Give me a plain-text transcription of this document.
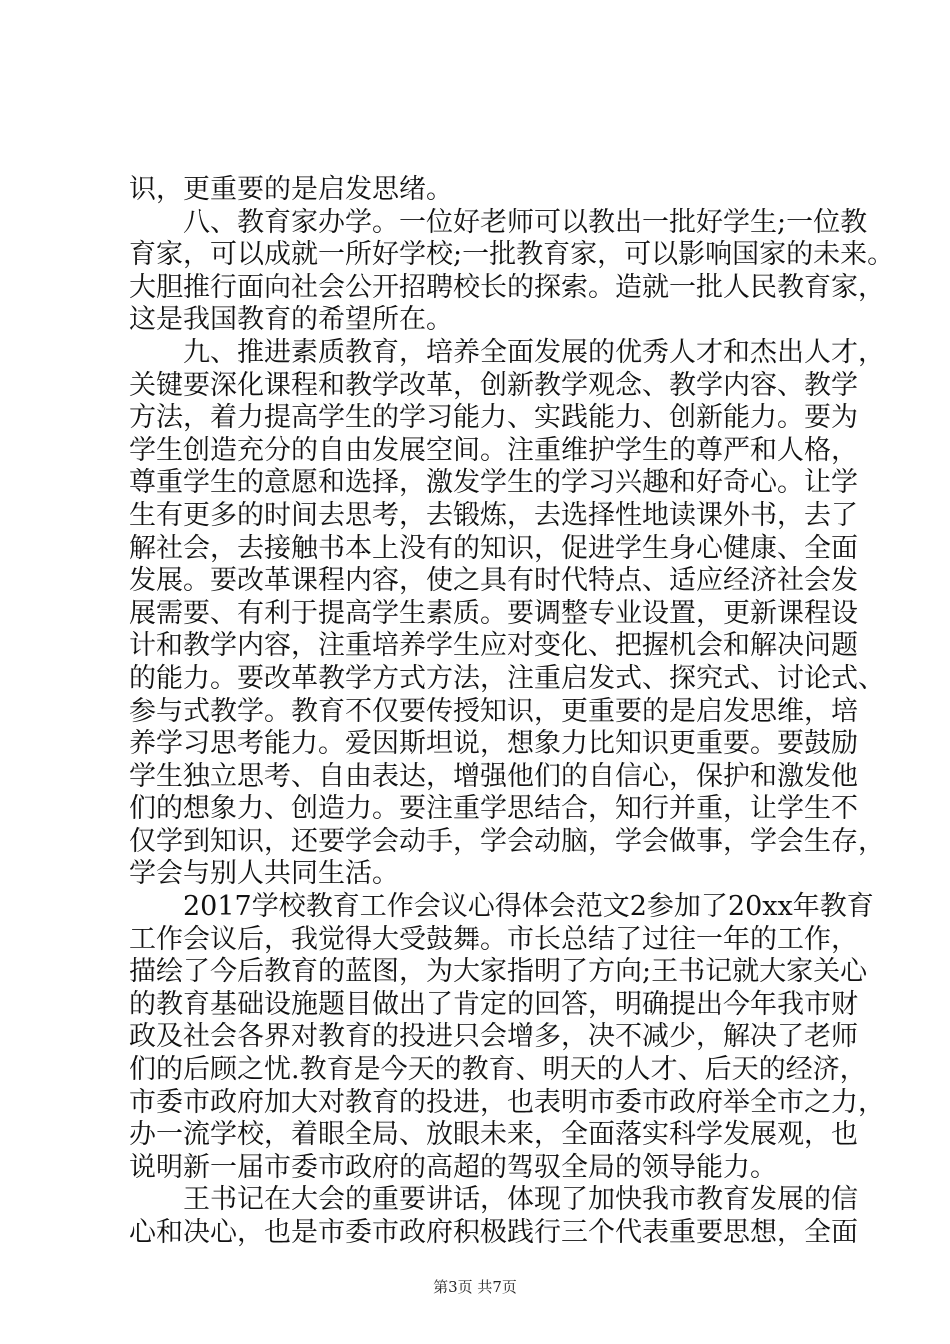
识，更重要的是启发思绪。
　　八、教育家办学。一位好老师可以教出一批好学生;一位教
育家，可以成就一所好学校;一批教育家，可以影响国家的未来。
大胆推行面向社会公开招聘校长的探索。造就一批人民教育家，
这是我国教育的希望所在。
　　九、推进素质教育，培养全面发展的优秀人才和杰出人才，
关键要深化课程和教学改革，创新教学观念、教学内容、教学
方法，着力提高学生的学习能力、实践能力、创新能力。要为
学生创造充分的自由发展空间。注重维护学生的尊严和人格，
尊重学生的意愿和选择，激发学生的学习兴趣和好奇心。让学
生有更多的时间去思考，去锻炼，去选择性地读课外书，去了
解社会，去接触书本上没有的知识，促进学生身心健康、全面
发展。要改革课程内容，使之具有时代特点、适应经济社会发
展需要、有利于提高学生素质。要调整专业设置，更新课程设
计和教学内容，注重培养学生应对变化、把握机会和解决问题
的能力。要改革教学方式方法，注重启发式、探究式、讨论式、
参与式教学。教育不仅要传授知识，更重要的是启发思维，培
养学习思考能力。爱因斯坦说，想象力比知识更重要。要鼓励
学生独立思考、自由表达，增强他们的自信心，保护和激发他
们的想象力、创造力。要注重学思结合，知行并重，让学生不
仅学到知识，还要学会动手，学会动脑，学会做事，学会生存，
学会与别人共同生活。
　　2017学校教育工作会议心得体会范文2参加了20xx年教育
工作会议后，我觉得大受鼓舞。市长总结了过往一年的工作，
描绘了今后教育的蓝图，为大家指明了方向;王书记就大家关心
的教育基础设施题目做出了肯定的回答，明确提出今年我市财
政及社会各界对教育的投进只会增多，决不减少，解决了老师
们的后顾之忧.教育是今天的教育、明天的人才、后天的经济，
市委市政府加大对教育的投进，也表明市委市政府举全市之力，
办一流学校，着眼全局、放眼未来，全面落实科学发展观，也
说明新一届市委市政府的高超的驾驭全局的领导能力。
　　王书记在大会的重要讲话，体现了加快我市教育发展的信
心和决心，也是市委市政府积极践行三个代表重要思想，全面
第3页 共7页
